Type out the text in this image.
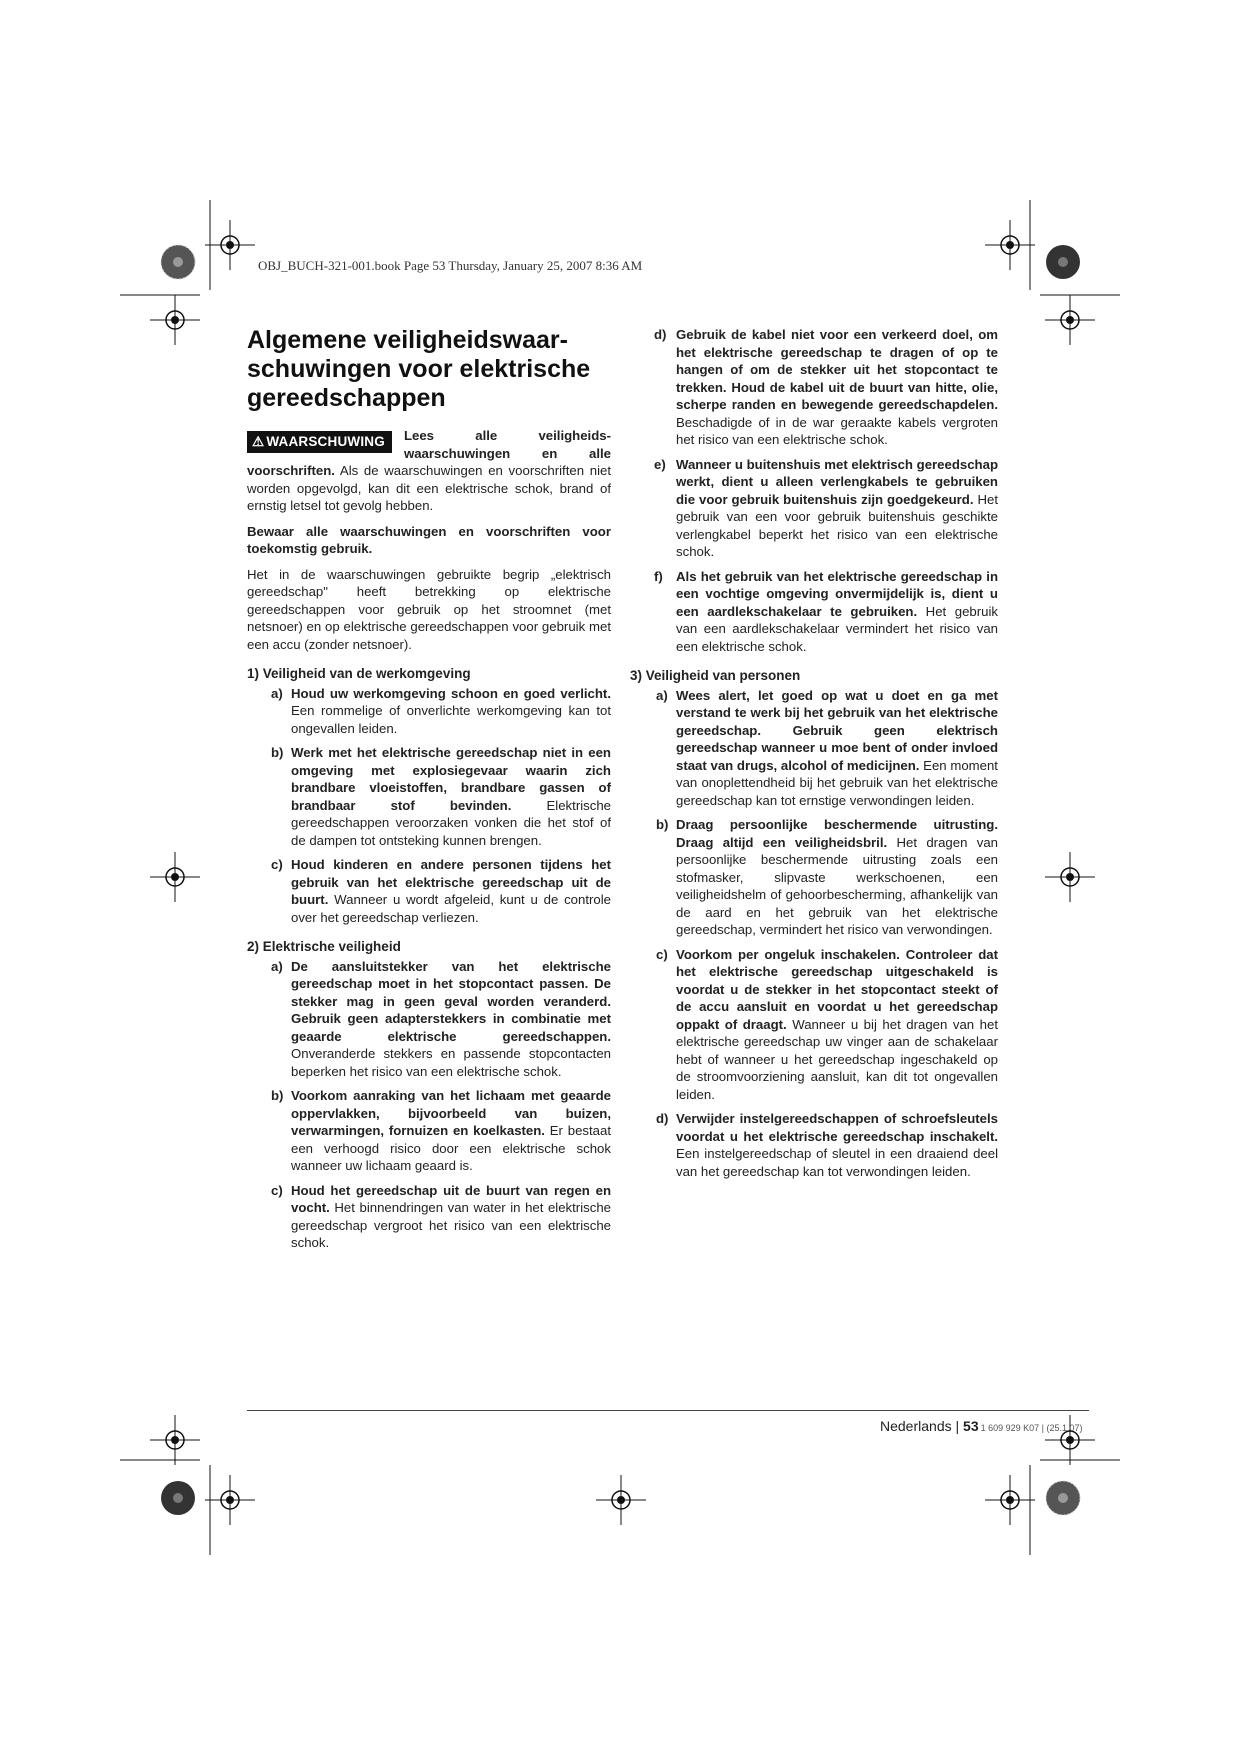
OBJ_BUCH-321-001.book Page 53 Thursday, January 25, 2007 8:36 AM
Algemene veiligheidswaar-schuwingen voor elektrische gereedschappen
⚠ WAARSCHUWING	Lees alle veiligheids-waarschuwingen en alle voorschriften. Als de waarschuwingen en voorschriften niet worden opgevolgd, kan dit een elektrische schok, brand of ernstig letsel tot gevolg hebben.

Bewaar alle waarschuwingen en voorschriften voor toekomstig gebruik.

Het in de waarschuwingen gebruikte begrip „elektrisch gereedschap" heeft betrekking op elektrische gereedschappen voor gebruik op het stroomnet (met netsnoer) en op elektrische gereedschappen voor gebruik met een accu (zonder netsnoer).

1) Veiligheid van de werkomgeving
a) Houd uw werkomgeving schoon en goed verlicht. Een rommelige of onverlichte werkomgeving kan tot ongevallen leiden.
b) Werk met het elektrische gereedschap niet in een omgeving met explosiegevaar waarin zich brandbare vloeistoffen, brandbare gassen of brandbaar stof bevinden.	Elektrische gereedschappen veroorzaken vonken die het stof of de dampen tot ontsteking kunnen brengen.
c) Houd kinderen en andere personen tijdens het gebruik van het elektrische gereedschap uit de buurt. Wanneer u wordt afgeleid, kunt u de controle over het gereedschap verliezen.
2) Elektrische veiligheid
a) De aansluitstekker van het elektrische gereedschap moet in het stopcontact passen. De stekker mag in geen geval worden veranderd. Gebruik geen adapterstekkers in combinatie met geaarde elektrische gereedschappen. Onveranderde stekkers en passende stopcontacten beperken het risico van een elektrische schok.
b) Voorkom aanraking van het lichaam met geaarde oppervlakken, bijvoorbeeld van buizen, verwarmingen, fornuizen en koelkasten. Er bestaat een verhoogd risico door een elektrische schok wanneer uw lichaam geaard is.
c) Houd het gereedschap uit de buurt van regen en vocht. Het binnendringen van water in het elektrische gereedschap vergroot het risico van een elektrische schok.
d) Gebruik de kabel niet voor een verkeerd doel, om het elektrische gereedschap te dragen of op te hangen of om de stekker uit het stopcontact te trekken. Houd de kabel uit de buurt van hitte, olie, scherpe randen en bewegende gereedschapdelen. Beschadigde of in de war geraakte kabels vergroten het risico van een elektrische schok.
e) Wanneer u buitenshuis met elektrisch gereedschap werkt, dient u alleen verlengkabels te gebruiken die voor gebruik buitenshuis zijn goedgekeurd. Het gebruik van een voor gebruik buitenshuis geschikte verlengkabel beperkt het risico van een elektrische schok.
f) Als het gebruik van het elektrische gereedschap in een vochtige omgeving onvermijdelijk is, dient u een aardlekschakelaar te gebruiken. Het gebruik van een aardlekschakelaar vermindert het risico van een elektrische schok.
3) Veiligheid van personen
a) Wees alert, let goed op wat u doet en ga met verstand te werk bij het gebruik van het elektrische gereedschap. Gebruik geen elektrisch gereedschap wanneer u moe bent of onder invloed staat van drugs, alcohol of medicijnen. Een moment van onoplettendheid bij het gebruik van het elektrische gereedschap kan tot ernstige verwondingen leiden.
b) Draag persoonlijke beschermende uitrusting. Draag altijd een veiligheidsbril. Het dragen van persoonlijke beschermende uitrusting zoals een stofmasker, slipvaste werkschoenen, een veiligheidshelm of gehoorbescherming, afhankelijk van de aard en het gebruik van het elektrische gereedschap, vermindert het risico van verwondingen.
c) Voorkom per ongeluk inschakelen. Controleer dat het elektrische gereedschap uitgeschakeld is voordat u de stekker in het stopcontact steekt of de accu aansluit en voordat u het gereedschap oppakt of draagt. Wanneer u bij het dragen van het elektrische gereedschap uw vinger aan de schakelaar hebt of wanneer u het gereedschap ingeschakeld op de stroomvoorziening aansluit, kan dit tot ongevallen leiden.
d) Verwijder instelgereedschappen of schroefsleutels voordat u het elektrische gereedschap inschakelt. Een instelgereedschap of sleutel in een draaiend deel van het gereedschap kan tot verwondingen leiden.
Nederlands | 53 1 609 929 K07 | (25.1.07)
